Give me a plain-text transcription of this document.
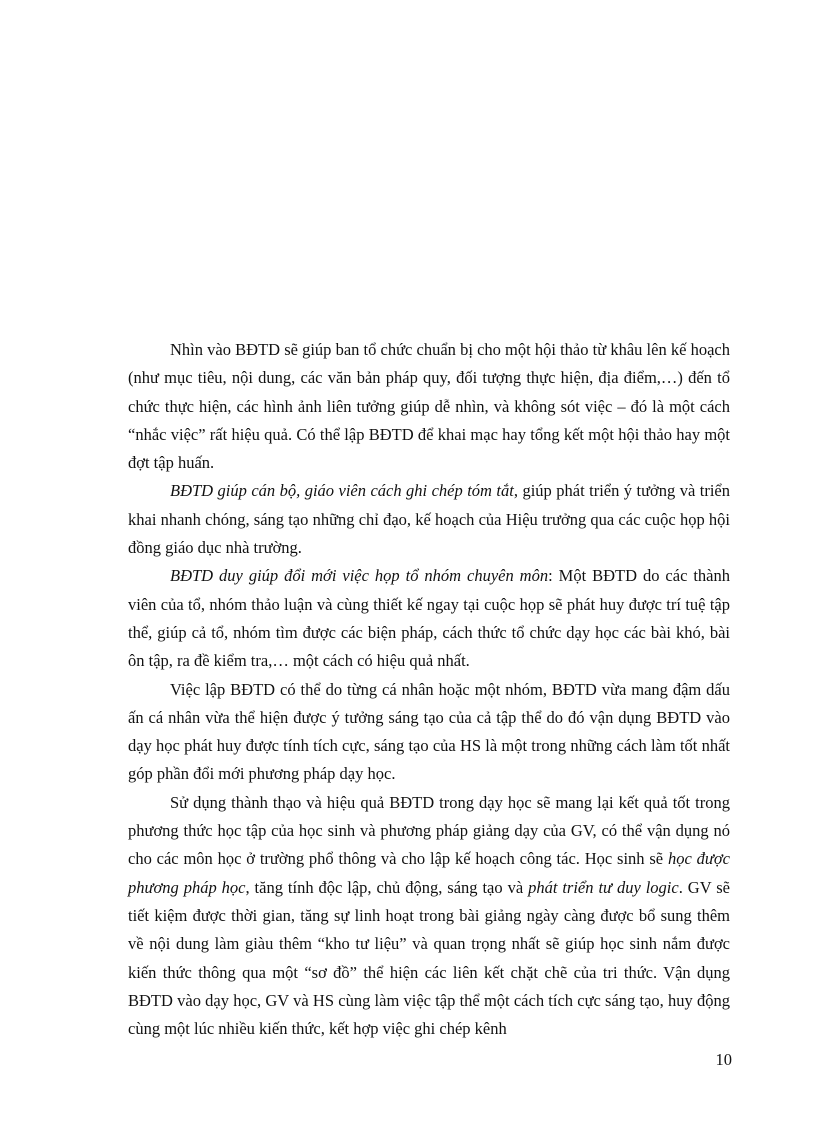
Nhìn vào BĐTD sẽ giúp ban tổ chức chuẩn bị cho một hội thảo từ khâu lên kế hoạch (như mục tiêu, nội dung, các văn bản pháp quy, đối tượng thực hiện, địa điểm,…) đến tổ chức thực hiện, các hình ảnh liên tưởng giúp dễ nhìn, và không sót việc – đó là một cách “nhắc việc” rất hiệu quả. Có thể lập BĐTD để khai mạc hay tổng kết một hội thảo hay một đợt tập huấn.

BĐTD giúp cán bộ, giáo viên cách ghi chép tóm tắt, giúp phát triển ý tưởng và triển khai nhanh chóng, sáng tạo những chỉ đạo, kế hoạch của Hiệu trưởng qua các cuộc họp hội đồng giáo dục nhà trường.

BĐTD duy giúp đổi mới việc họp tổ nhóm chuyên môn: Một BĐTD do các thành viên của tổ, nhóm thảo luận và cùng thiết kế ngay tại cuộc họp sẽ phát huy được trí tuệ tập thể, giúp cả tổ, nhóm tìm được các biện pháp, cách thức tổ chức dạy học các bài khó, bài ôn tập, ra đề kiểm tra,… một cách có hiệu quả nhất.

Việc lập BĐTD có thể do từng cá nhân hoặc một nhóm, BĐTD vừa mang đậm dấu ấn cá nhân vừa thể hiện được ý tưởng sáng tạo của cả tập thể do đó vận dụng BĐTD vào dạy học phát huy được tính tích cực, sáng tạo của HS là một trong những cách làm tốt nhất góp phần đổi mới phương pháp dạy học.

Sử dụng thành thạo và hiệu quả BĐTD trong dạy học sẽ mang lại kết quả tốt trong phương thức học tập của học sinh và phương pháp giảng dạy của GV, có thể vận dụng nó cho các môn học ở trường phổ thông và cho lập kế hoạch công tác. Học sinh sẽ học được phương pháp học, tăng tính độc lập, chủ động, sáng tạo và phát triển tư duy logic. GV sẽ tiết kiệm được thời gian, tăng sự linh hoạt trong bài giảng ngày càng được bổ sung thêm về nội dung làm giàu thêm “kho tư liệu” và quan trọng nhất sẽ giúp học sinh nắm được kiến thức thông qua một “sơ đồ” thể hiện các liên kết chặt chẽ của tri thức. Vận dụng BĐTD vào dạy học, GV và HS cùng làm việc tập thể một cách tích cực sáng tạo, huy động cùng một lúc nhiều kiến thức, kết hợp việc ghi chép kênh

10
